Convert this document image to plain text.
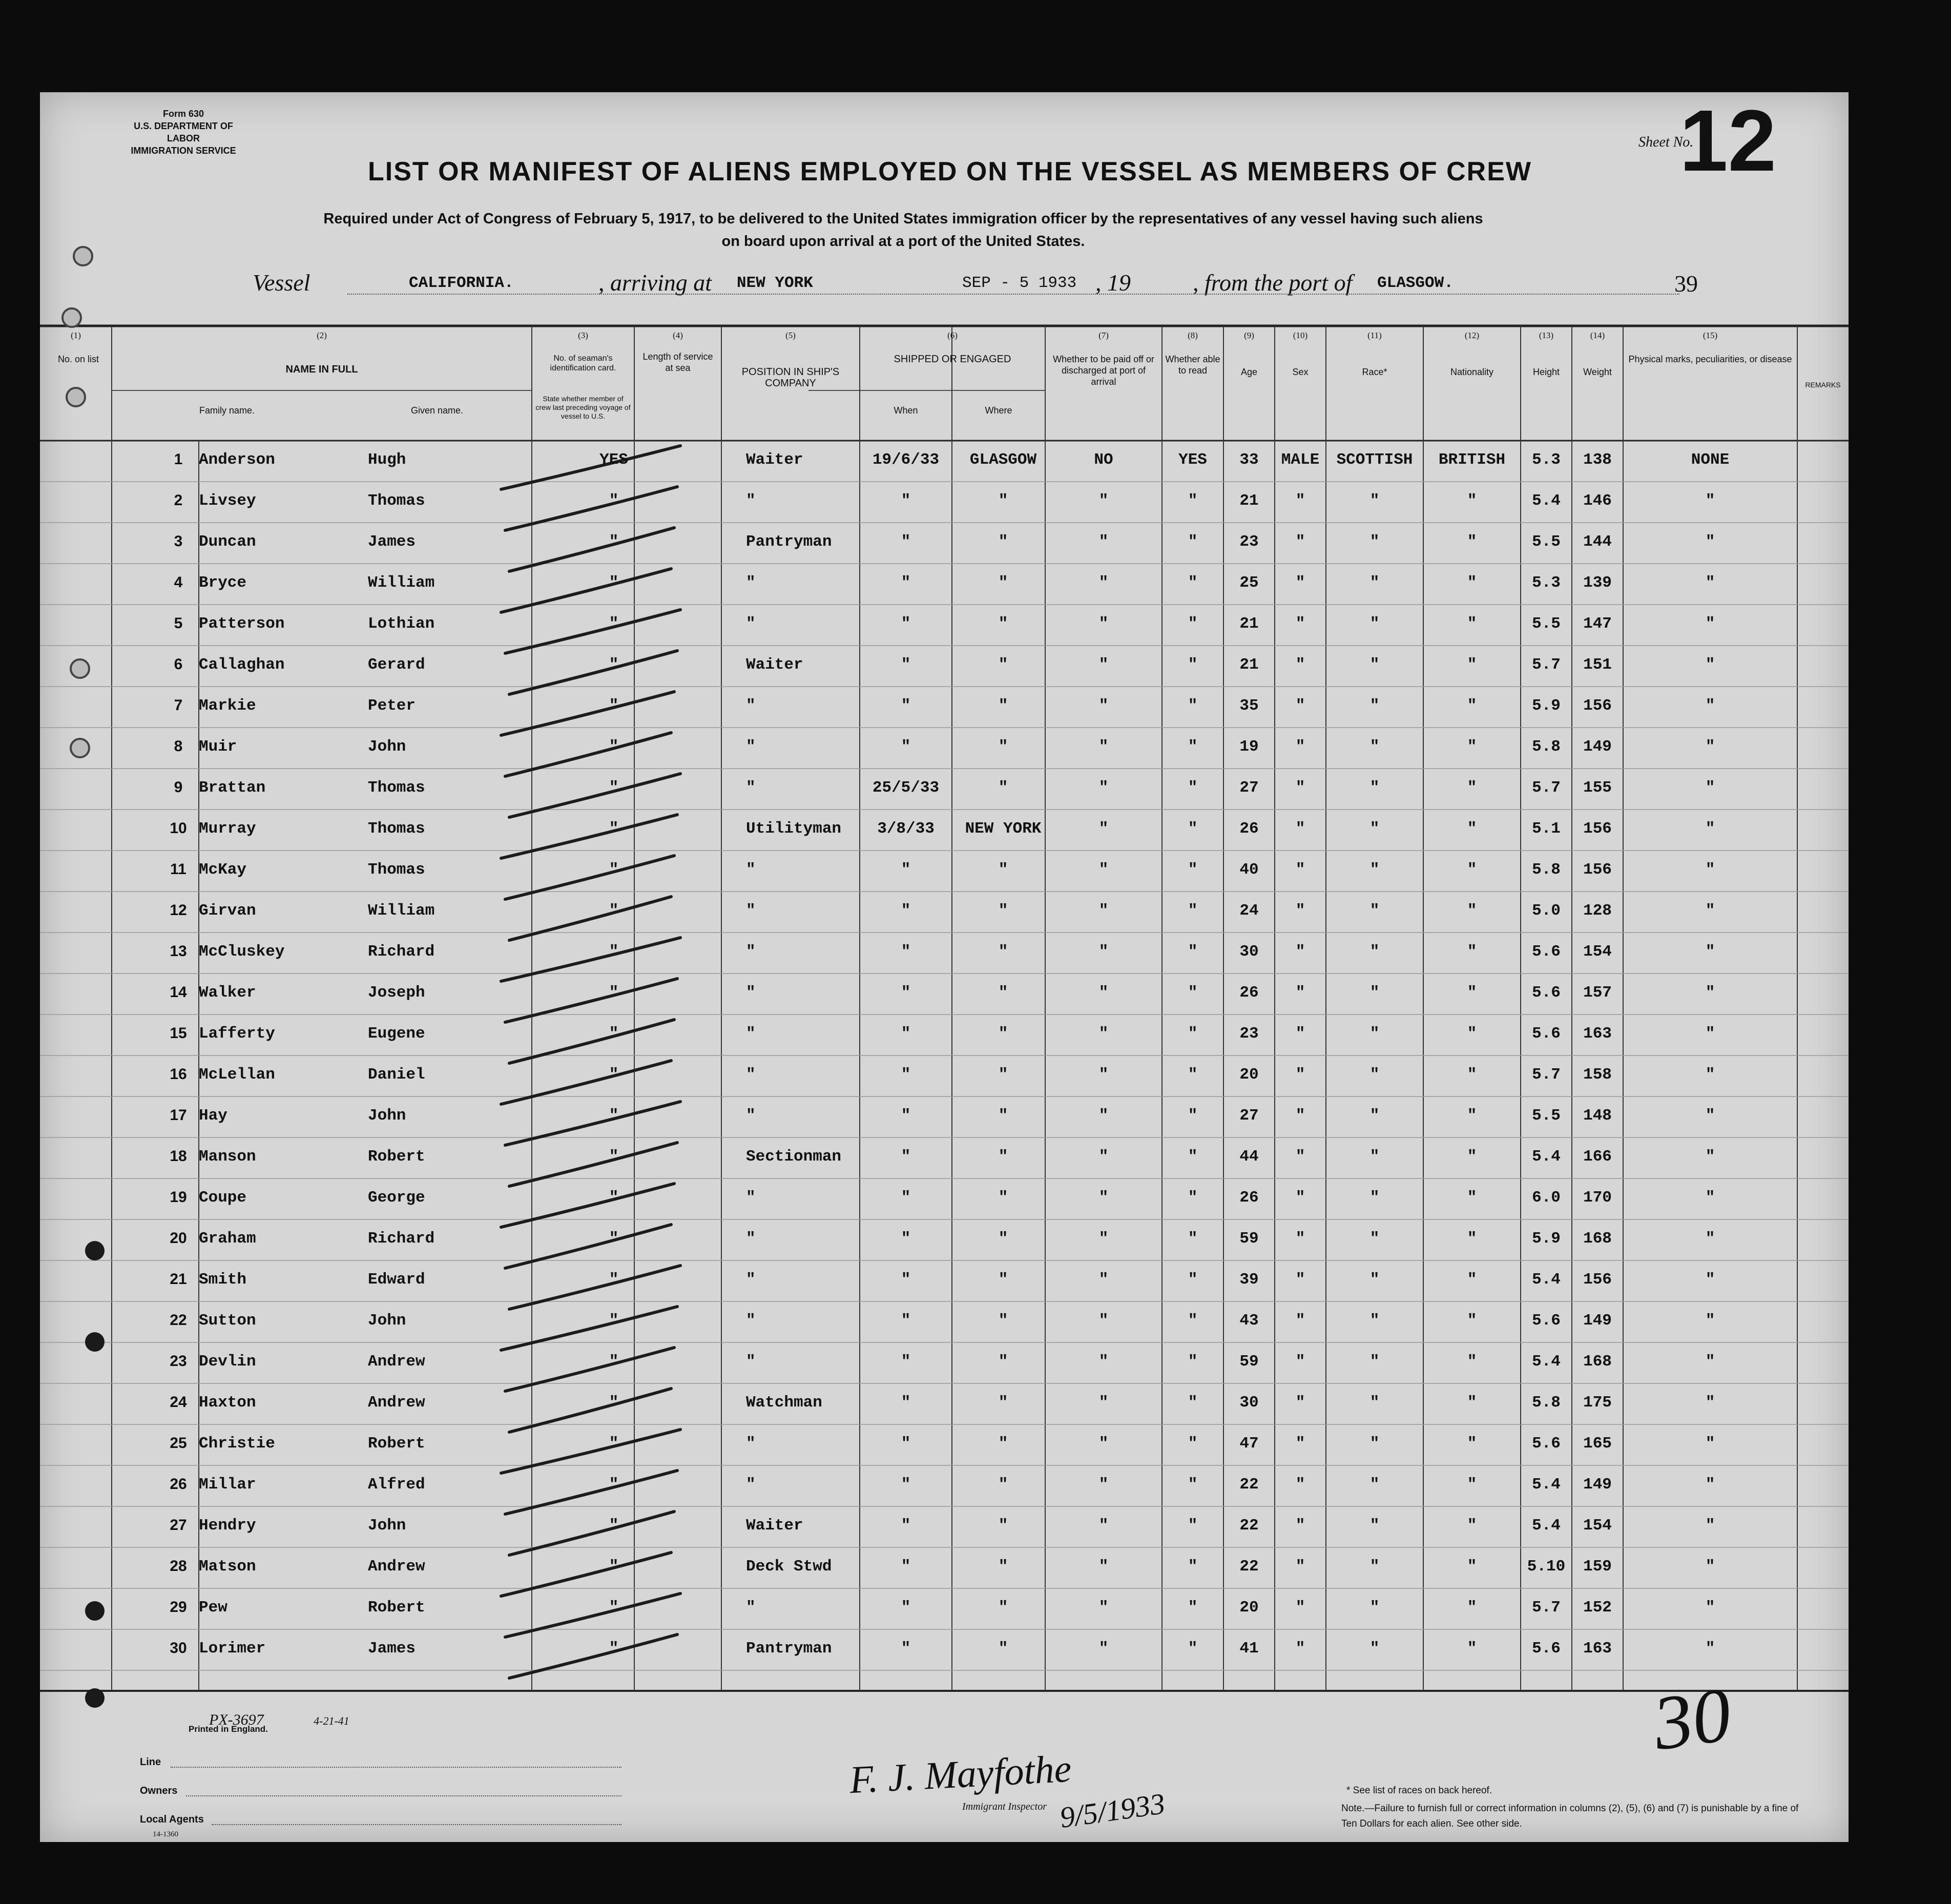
Form 630
U.S. DEPARTMENT OF LABOR
IMMIGRATION SERVICE
Sheet No.
12
LIST OR MANIFEST OF ALIENS EMPLOYED ON THE VESSEL AS MEMBERS OF CREW
Required under Act of Congress of February 5, 1917, to be delivered to the United States immigration officer by the representatives of any vessel having such aliens
on board upon arrival at a port of the United States.
Vessel	CALIFORNIA.	, arriving at NEW YORK	SEP - 5 1933 , 19	, from the port of GLASGOW.	39
(1)
No. on list
(2)
NAME IN FULL
Family name.	Given name.
(3)
No. of seaman's identification card.
State whether member of crew last preceding voyage of vessel to U.S.
(4)
Length of service at sea
(5)
POSITION IN SHIP'S COMPANY
(6)
SHIPPED OR ENGAGED
When	Where
(7)
Whether to be paid off or discharged at port of arrival
(8)
Whether able to read
(9)
Age
(10)
Sex
(11)
Race*
(12)
Nationality
(13)
Height
(14)
Weight
(15)
Physical marks, peculiarities, or disease
REMARKS
1	Anderson	Hugh	YES	Waiter	19/6/33	GLASGOW	NO	YES	33	MALE	SCOTTISH	BRITISH	5.3	138	NONE
2	Livsey	Thomas	"	"	"	"	"	"	21	"	"	"	5.4	146	"
3	Duncan	James	"	Pantryman	"	"	"	"	23	"	"	"	5.5	144	"
4	Bryce	William	"	"	"	"	"	"	25	"	"	"	5.3	139	"
5	Patterson	Lothian	"	"	"	"	"	"	21	"	"	"	5.5	147	"
6	Callaghan	Gerard	"	Waiter	"	"	"	"	21	"	"	"	5.7	151	"
7	Markie	Peter	"	"	"	"	"	"	35	"	"	"	5.9	156	"
8	Muir	John	"	"	"	"	"	"	19	"	"	"	5.8	149	"
9	Brattan	Thomas	"	"	25/5/33	"	"	"	27	"	"	"	5.7	155	"
10 Murray	Thomas	"	Utilityman	3/8/33	NEW YORK	"	"	26	"	"	"	5.1	156	"
11 McKay	Thomas	"	"	"	"	"	"	40	"	"	"	5.8	156	"
12 Girvan	William	"	"	"	"	"	"	24	"	"	"	5.0	128	"
13 McCluskey	Richard	"	"	"	"	"	"	30	"	"	"	5.6	154	"
14 Walker	Joseph	"	"	"	"	"	"	26	"	"	"	5.6	157	"
15 Lafferty	Eugene	"	"	"	"	"	"	23	"	"	"	5.6	163	"
16 McLellan	Daniel	"	"	"	"	"	"	20	"	"	"	5.7	158	"
17 Hay	John	"	"	"	"	"	"	27	"	"	"	5.5	148	"
18 Manson	Robert	"	Sectionman	"	"	"	"	44	"	"	"	5.4	166	"
19 Coupe	George	"	"	"	"	"	"	26	"	"	"	6.0	170	"
20 Graham	Richard	"	"	"	"	"	"	59	"	"	"	5.9	168	"
21 Smith	Edward	"	"	"	"	"	"	39	"	"	"	5.4	156	"
22 Sutton	John	"	"	"	"	"	"	43	"	"	"	5.6	149	"
23 Devlin	Andrew	"	"	"	"	"	"	59	"	"	"	5.4	168	"
24 Haxton	Andrew	"	Watchman	"	"	"	"	30	"	"	"	5.8	175	"
25 Christie	Robert	"	"	"	"	"	"	47	"	"	"	5.6	165	"
26 Millar	Alfred	"	"	"	"	"	"	22	"	"	"	5.4	149	"
27 Hendry	John	"	Waiter	"	"	"	"	22	"	"	"	5.4	154	"
28 Matson	Andrew	"	Deck Stwd	"	"	"	"	22	"	"	"	5.10	159	"
29 Pew	Robert	"	"	"	"	"	"	20	"	"	"	5.7	152	"
30 Lorimer	James	"	Pantryman	"	"	"	"	41	"	"	"	5.6	163	"
PX-3697	4-21-41	30
Printed in England.
Line
Owners
Local Agents
14-1360
F. J. Mayfothe
Immigrant Inspector 9/5/1933	* See list of races on back hereof.
Note.—Failure to furnish full or correct information in columns (2), (5), (6) and (7) is punishable by a fine of Ten Dollars for each alien. See other side.
